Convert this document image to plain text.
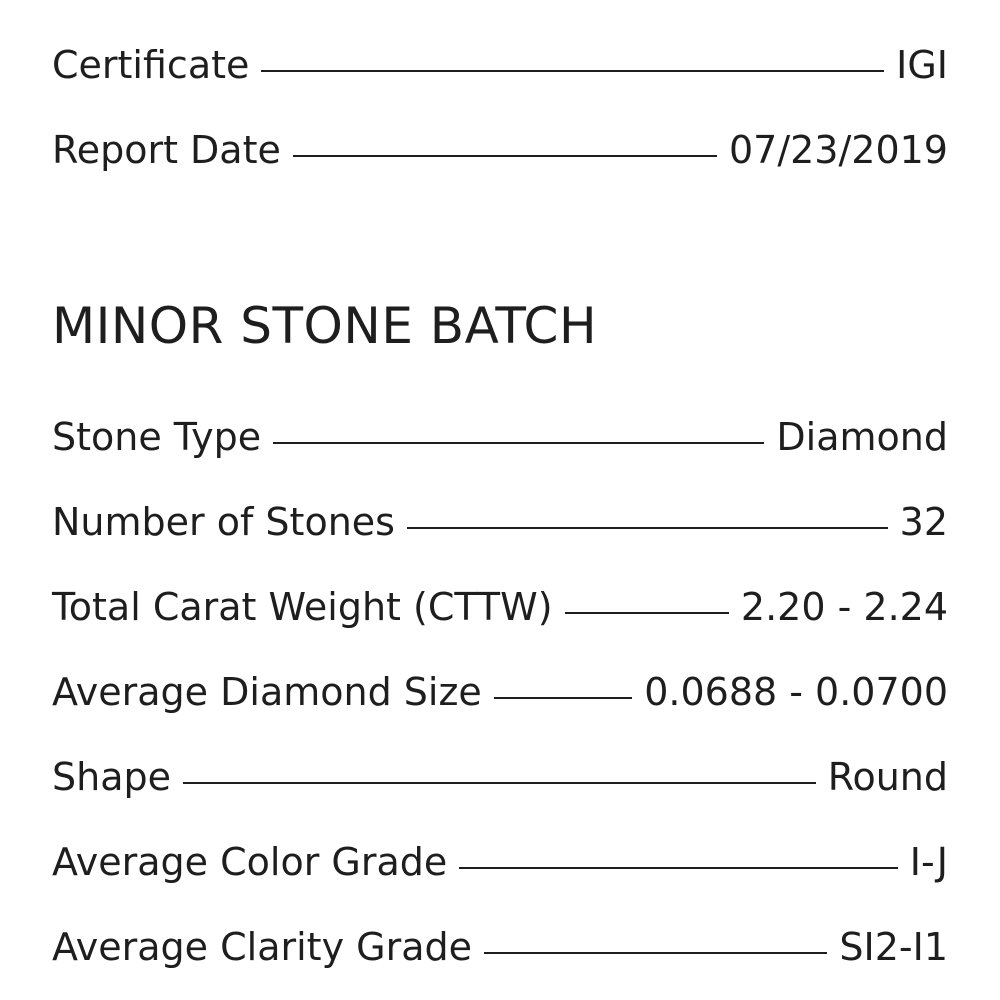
Certificate	IGI
Report Date	07/23/2019
MINOR STONE BATCH
Stone Type	Diamond
Number of Stones	32
Total Carat Weight (CTTW)	2.20 - 2.24
Average Diamond Size	0.0688 - 0.0700
Shape	Round
Average Color Grade	I-J
Average Clarity Grade	SI2-I1
